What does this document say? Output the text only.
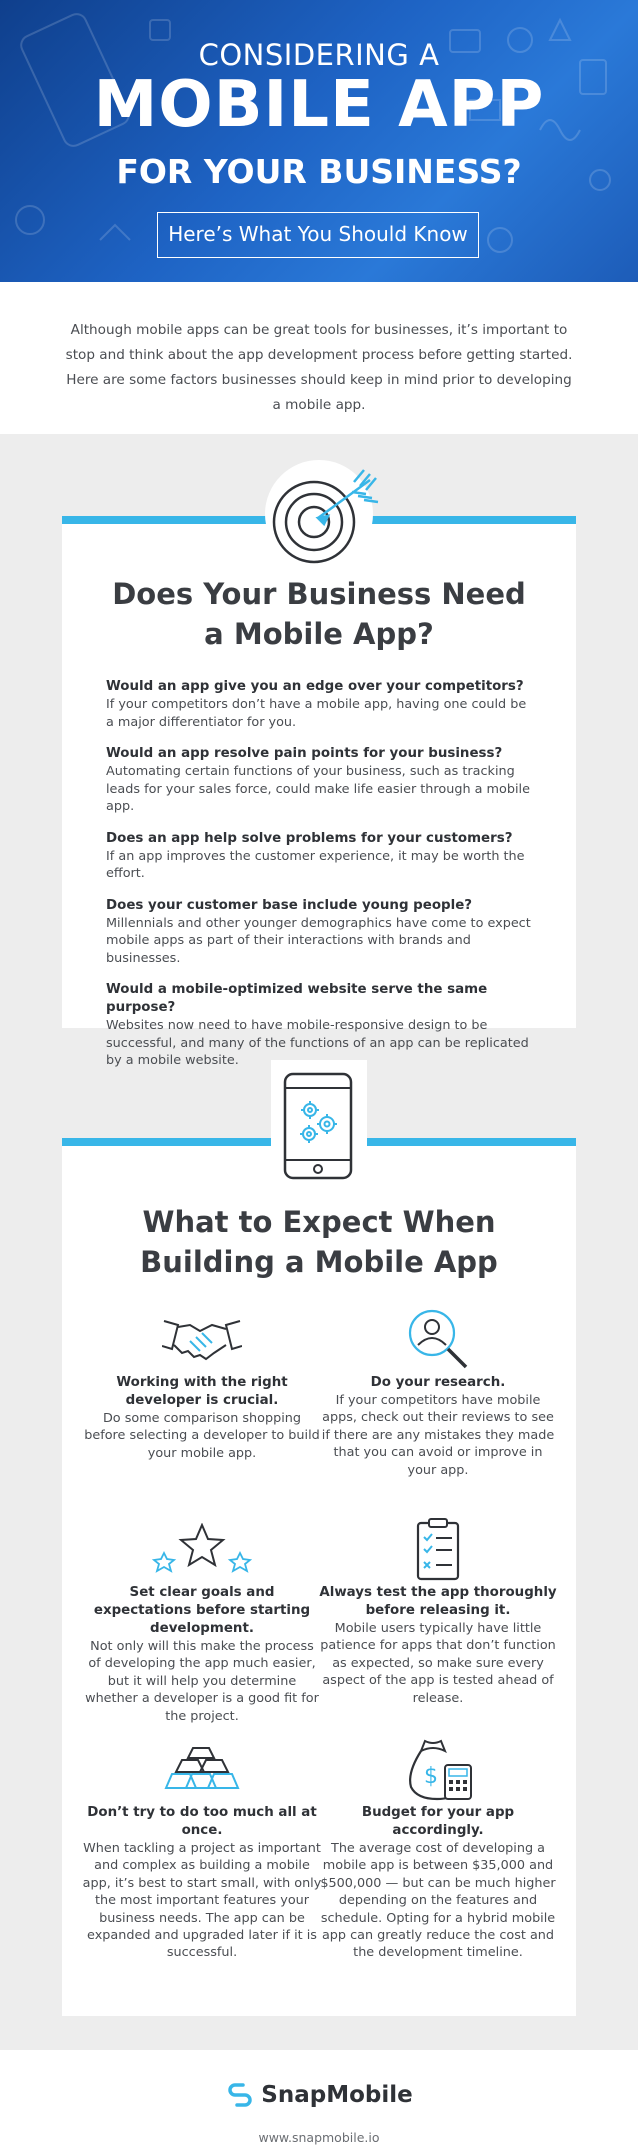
CONSIDERING A
MOBILE APP
FOR YOUR BUSINESS?
Here’s What You Should Know
Although mobile apps can be great tools for businesses, it’s important to stop and think about the app development process before getting started. Here are some factors businesses should keep in mind prior to developing a mobile app.
Does Your Business Need
a Mobile App?
Would an app give you an edge over your competitors?
If your competitors don’t have a mobile app, having one could be a major differentiator for you.
Would an app resolve pain points for your business?
Automating certain functions of your business, such as tracking leads for your sales force, could make life easier through a mobile app.
Does an app help solve problems for your customers?
If an app improves the customer experience, it may be worth the effort.
Does your customer base include young people?
Millennials and other younger demographics have come to expect mobile apps as part of their interactions with brands and businesses.
Would a mobile-optimized website serve the same purpose?
Websites now need to have mobile-responsive design to be successful, and many of the functions of an app can be replicated by a mobile website.
What to Expect When
Building a Mobile App
Working with the right developer is crucial.
Do some comparison shopping before selecting a developer to build your mobile app.
Do your research.
If your competitors have mobile apps, check out their reviews to see if there are any mistakes they made that you can avoid or improve in your app.
Set clear goals and expectations before starting development.
Not only will this make the process of developing the app much easier, but it will help you determine whether a developer is a good fit for the project.
Always test the app thoroughly before releasing it.
Mobile users typically have little patience for apps that don’t function as expected, so make sure every aspect of the app is tested ahead of release.
Don’t try to do too much all at once.
When tackling a project as important and complex as building a mobile app, it’s best to start small, with only the most important features your business needs. The app can be expanded and upgraded later if it is successful.
$
Budget for your app accordingly.
The average cost of developing a mobile app is between $35,000 and $500,000 — but can be much higher depending on the features and schedule. Opting for a hybrid mobile app can greatly reduce the cost and the development timeline.
SnapMobile
www.snapmobile.io
